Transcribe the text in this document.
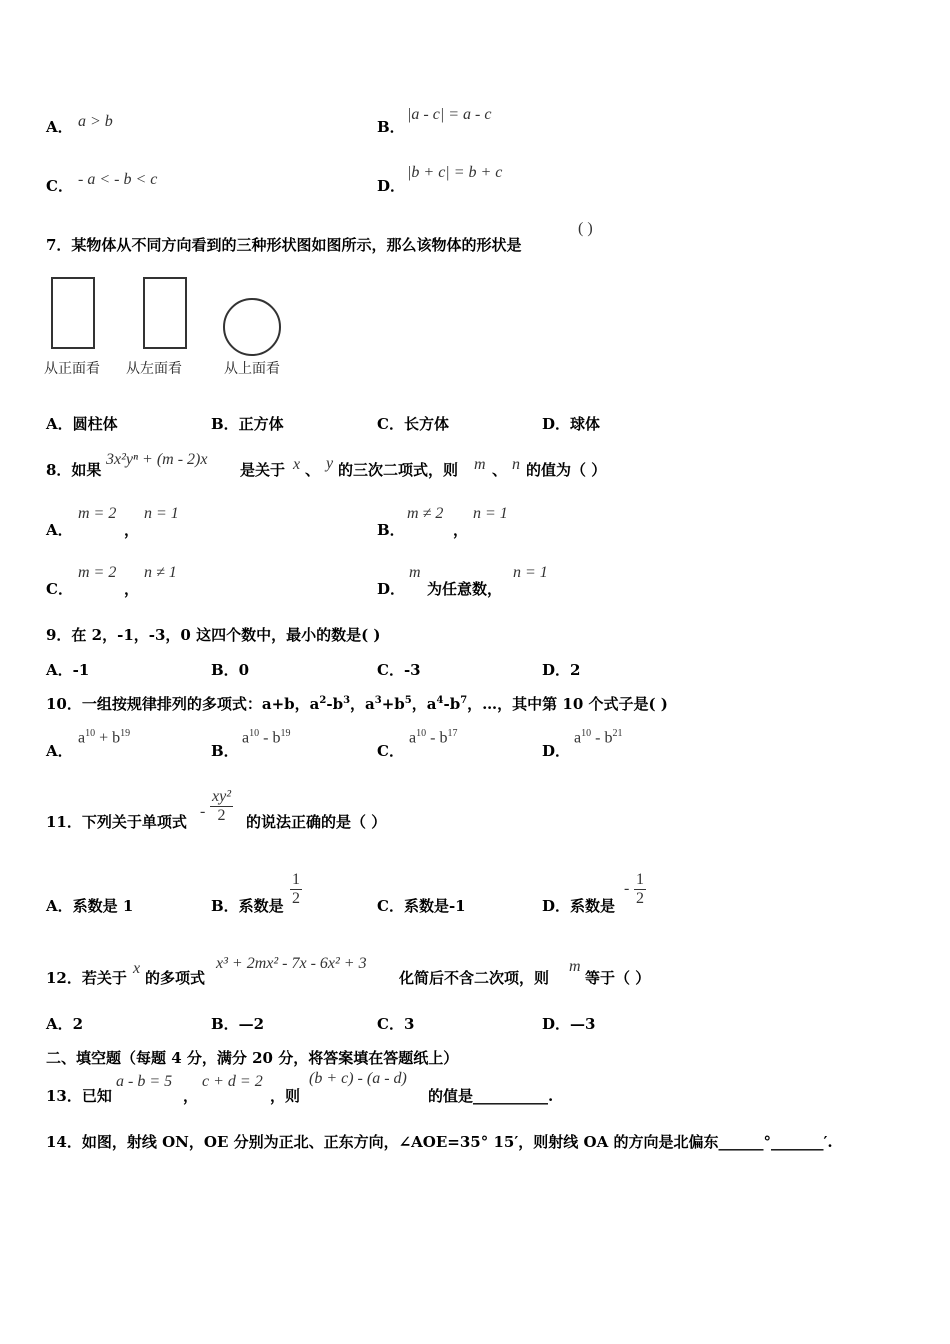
A． a > b	B．
|a - c| = a - c
C． - a < - b < c	D．
|b + c| = b + c
7．某物体从不同方向看到的三种形状图如图所示，那么该物体的形状是
( )
从正面看 从左面看	从上面看
A．圆柱体	B．正方体	C．长方体	D．球体
8．如果
3x²yⁿ + (m - 2)x
是关于 x 、 y 的三次二项式，则 m 、 n 的值为（ ）
A．
m = 2
，
n = 1
B．
m ≠ 2
，
n = 1
C．
m = 2
，
n ≠ 1
D．
m
为任意数，
n = 1
9．在 2，-1，-3，0 这四个数中，最小的数是( )
A．-1	B．0	C．-3	D．2
10．一组按规律排列的多项式：a+b，$a^2-b^3$，$a^3+b^5$，$a^4-b^7$，…，其中第 10 个式子是( )
A．
$a^{10} + b^{19}$
B．
$a^{10} - b^{19}$
C．
$a^{10} - b^{17}$
D．
$a^{10} - b^{21}$
11．下列关于单项式
- $\frac{\text{xy²}}{2}$ 的说法正确的是（ ）
A．系数是 1	B．系数是 $\frac{1}{2}$	C．系数是-1	D．系数是
- $\frac{1}{2}$
12．若关于
x
的多项式
x³ + 2mx² - 7x - 6x² + 3
化简后不含二次项，则
m
等于（ ）
A．2	B．—2	C．3	D．—3
二、填空题（每题 4 分，满分 20 分，将答案填在答题纸上）
13．已知
a - b = 5
，
c + d = 2
，则
(b + c) - (a - d)
的值是__________.
14．如图，射线 ON，OE 分别为正北、正东方向，∠AOE=35° 15′，则射线 OA 的方向是北偏东______°_______′.
